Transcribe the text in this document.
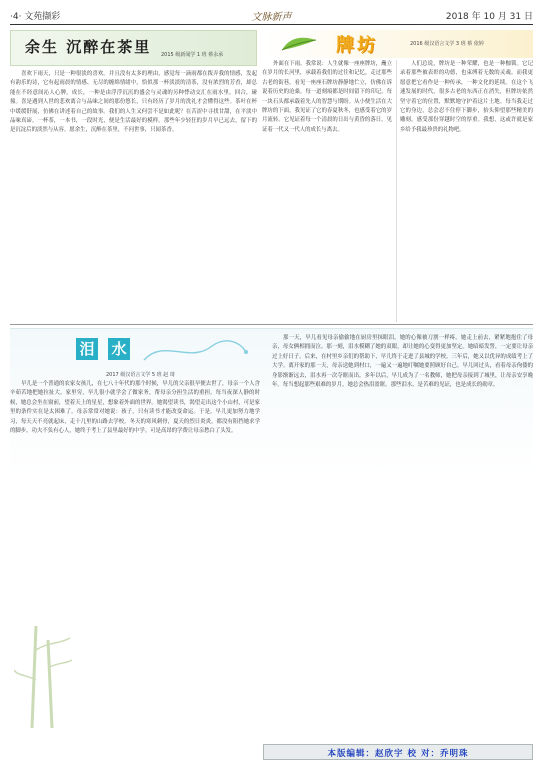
·4· 文苑撷彩	文脉新声	2018 年 10 月 31 日
余生 沉醉在茶里 2015 级新闻学 1 班 蔡永承

喜欢下雨天，只是一种很淡的喜欢。并且没有太多的理由，感觉每一滴雨都在拨弄我的情感，发起有韵乐的诗，它有起雨晨的情感、无尽的缠绵情绪中，恰似那一杯淡淡的清茶，没有浓烈的芳香，却总能在不经意间沁人心脾。成长，一种是由浮浮沉沉的盛会与灵魂的另种悸动交汇在雨水里，回合，碰撞。喜是遇到人世的悲欢离合与品味之间的那份悠长，只有经历了岁月的洗礼才会懂得这些。茶叶在杯中缓缓舒展，仿佛在讲述着自己的故事。我们的人生又何尝不是如此呢？在苦涩中寻找甘甜，在平淡中品味真谛。一杯茶，一本书，一段时光，便是生活最好的模样。那些年少轻狂的岁月早已远去，留下的是沉淀后的淡然与从容。愿余生，沉醉在茶里，不问世事，只闻茶香。

牌坊	2016 级汉语言文学 3 班 蔡 依婷

外面在下雨。我常说：人生就像一座座牌坊，矗立在岁月的长河里，承载着我们的过往和记忆。走过那些古老的街巷，看见一座座石牌坊静静地伫立，仿佛在诉说着历史的沧桑。每一道刻痕都是时间留下的印记，每一块石头都承载着先人的智慧与期盼。从小便生活在大牌坊的下面，我见证了它的春夏秋冬，也感受着它的岁月流转。它见证着每一个清晨的日出与黄昏的落日，见证着一代又一代人的成长与离去。

人们总说，牌坊是一种荣耀，也是一种枷锁。它记录着那些被表彰的功德，也束缚着无数的灵魂。而我更愿意把它看作是一种传承，一种文化的延续。在这个飞速发展的时代，很多古老的东西正在消失，但牌坊依然坚守着它的位置，默默地守护着这片土地。每当我走过它的身边，总会忍不住停下脚步，抬头仰望那些精美的雕刻，感受那份穿越时空的厚重。我想，这或许就是家乡给予我最珍贵的礼物吧。

泪 水
2017 级汉语言文学 5 班 赵 琦

早儿是一个普通的农家女孩儿，在七八十年代的那个时候，早儿的父亲很早便去世了，母亲一个人含辛茹苦地把她拉扯大。家里穷，早儿很小就学会了做家务，帮母亲分担生活的重担。每当夜深人静的时候，她总会坐在窗前，望着天上的星星，想象着外面的世界。她渴望读书，渴望走出这个小山村，可是家里的条件实在是太困难了。母亲常常对她说：孩子，只有读书才能改变命运。于是，早儿更加努力地学习，每天天不亮就起床，走十几里的山路去学校。冬天的寒风刺骨，夏天的烈日炎炎，都没有阻挡她求学的脚步。功夫不负有心人，她终于考上了县里最好的中学。可是高昂的学费让母亲愁白了头发。

那一天，早儿看见母亲偷偷地在厨房里抹眼泪，她的心像被刀割一样疼。她走上前去，紧紧地抱住了母亲，母女俩相拥而泣。那一刻，泪水模糊了她的双眼，却让她的心变得更加坚定。她暗暗发誓，一定要让母亲过上好日子。后来，在村里乡亲们的帮助下，早儿终于走进了县城的学校。三年后，她又以优异的成绩考上了大学。离开家的那一天，母亲送她到村口，一遍又一遍地叮嘱她要照顾好自己。早儿回过头，看着母亲佝偻的身影渐渐远去，泪水再一次夺眶而出。多年以后，早儿成为了一名教师，她把母亲接到了城里，让母亲安享晚年。每当想起那些艰难的岁月，她总会热泪盈眶。那些泪水，是苦难的见证，也是成长的勋章。

本版编辑：赵欣宇 校 对：乔明珠
